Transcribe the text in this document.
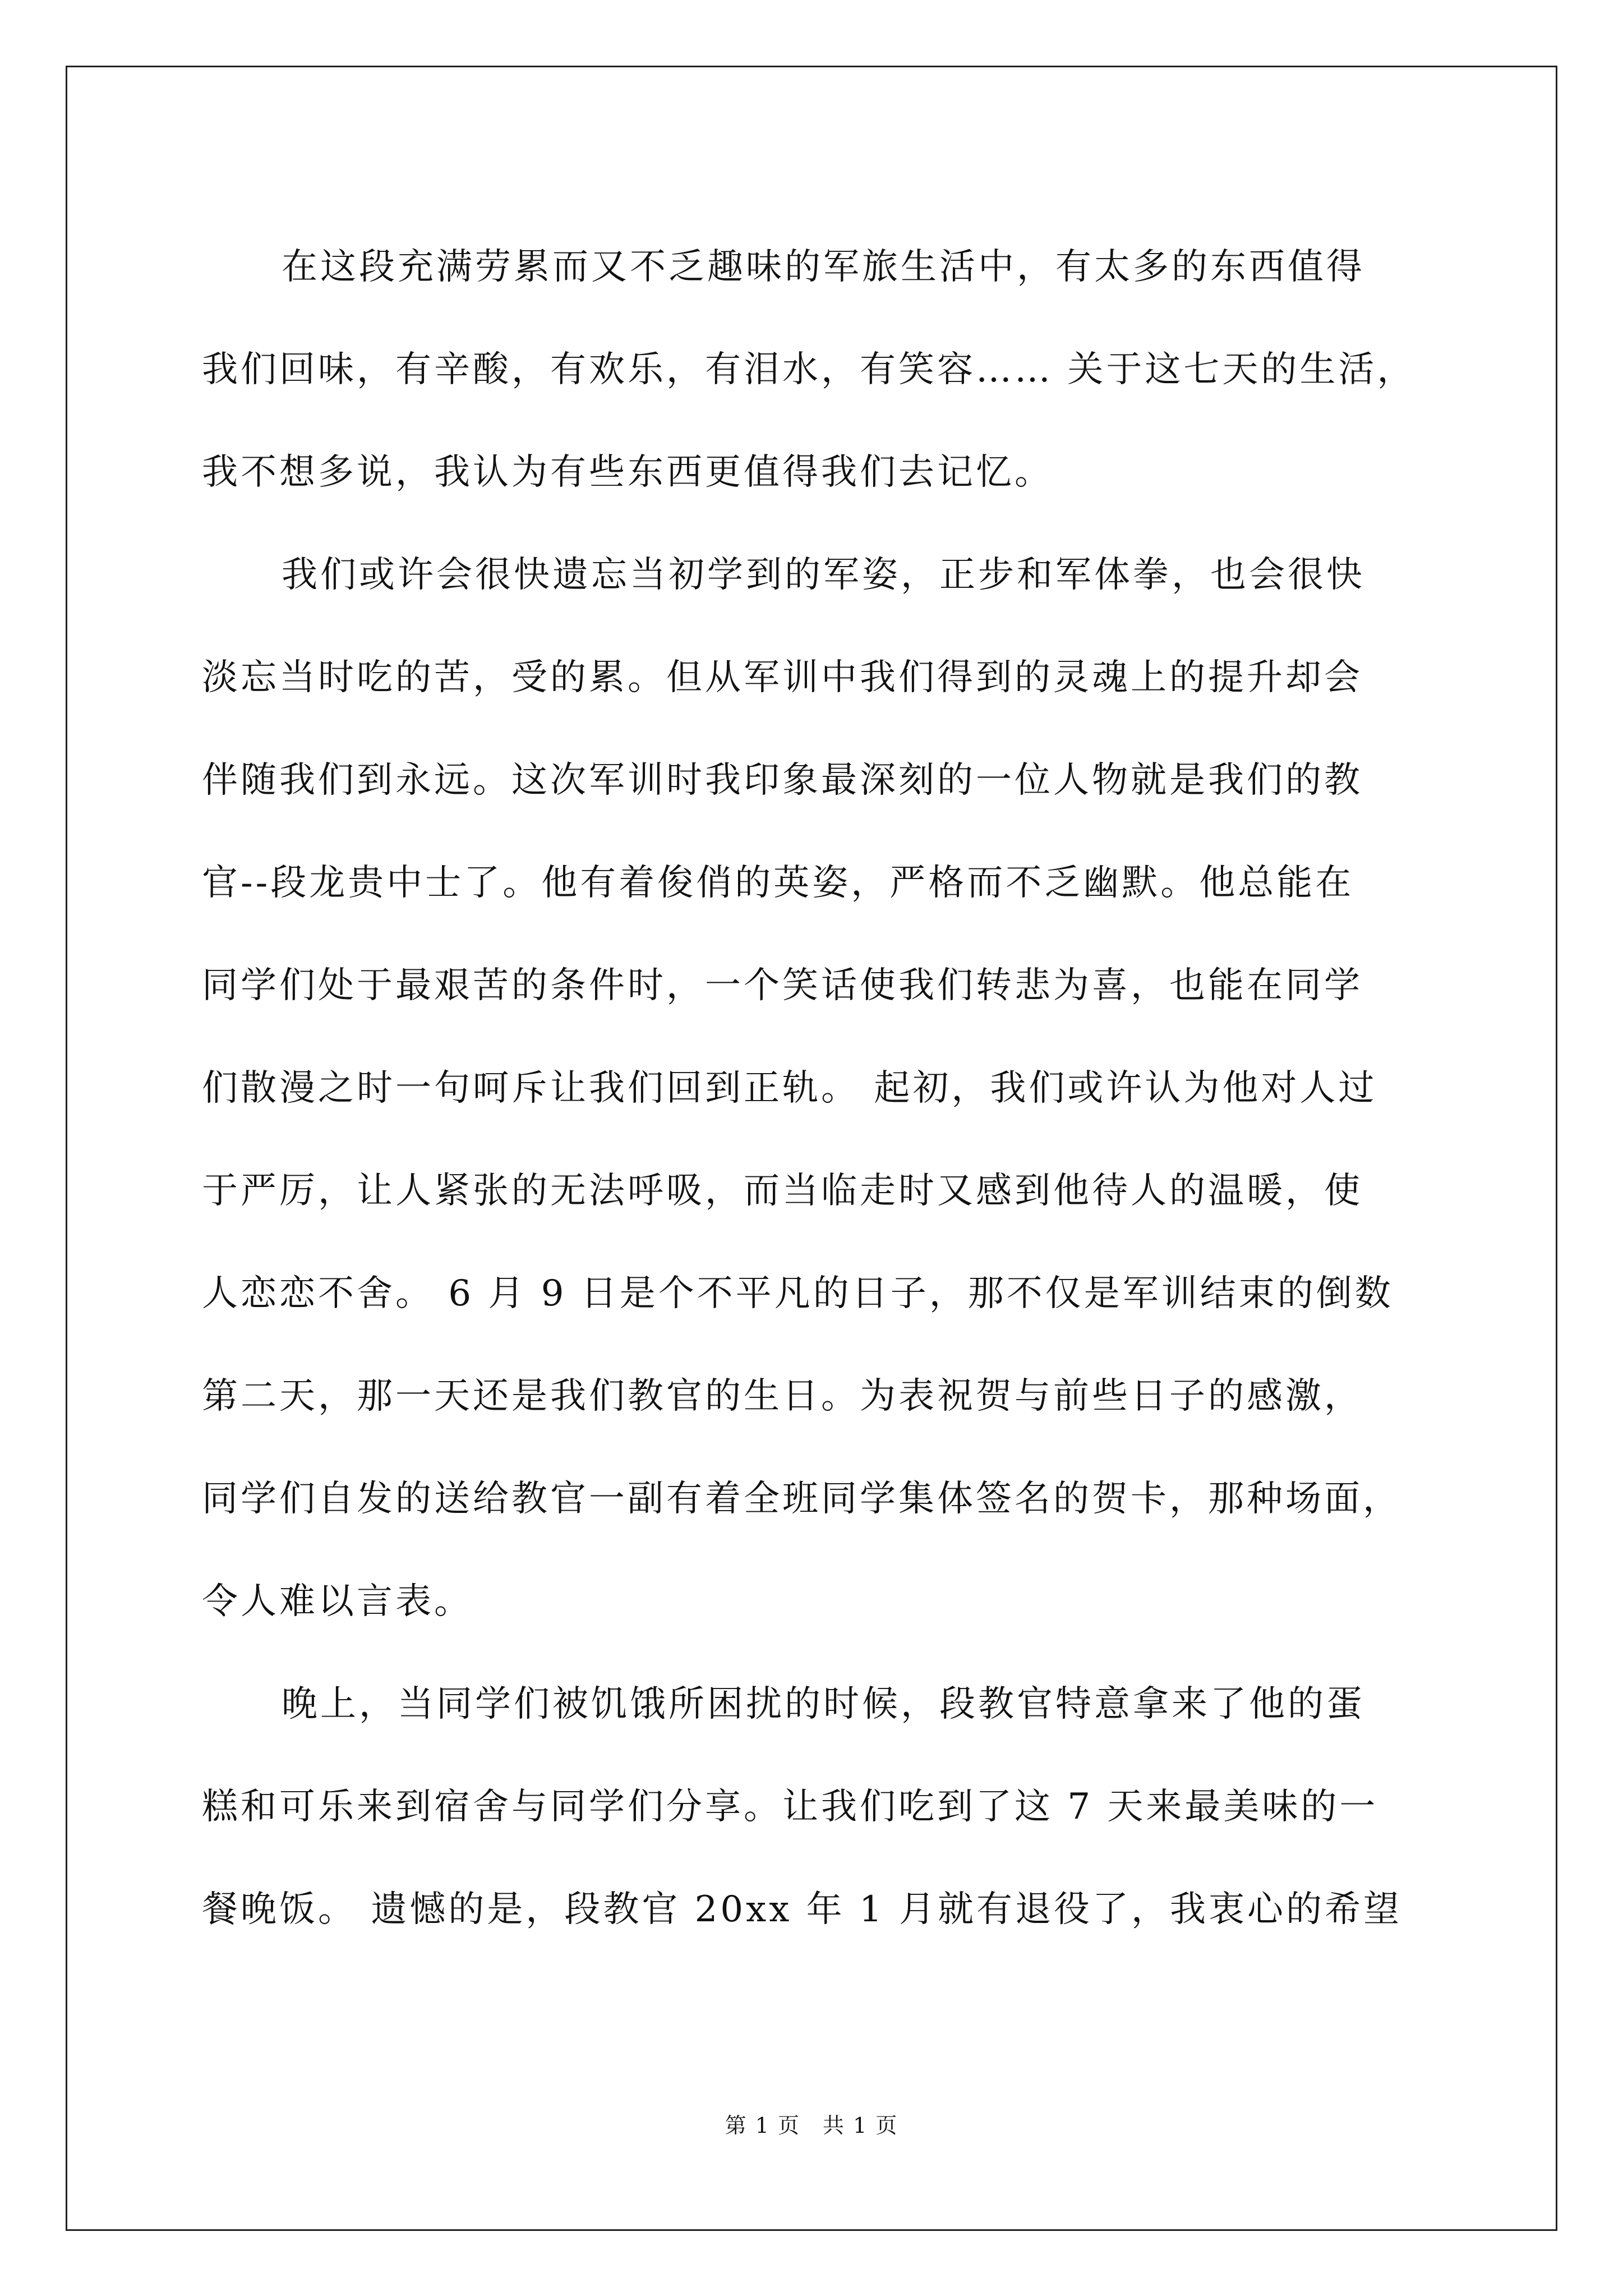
在这段充满劳累而又不乏趣味的军旅生活中，有太多的东西值得
我们回味，有辛酸，有欢乐，有泪水，有笑容…… 关于这七天的生活，
我不想多说，我认为有些东西更值得我们去记忆。
我们或许会很快遗忘当初学到的军姿，正步和军体拳，也会很快
淡忘当时吃的苦，受的累。但从军训中我们得到的灵魂上的提升却会
伴随我们到永远。这次军训时我印象最深刻的一位人物就是我们的教
官--段龙贵中士了。他有着俊俏的英姿，严格而不乏幽默。他总能在
同学们处于最艰苦的条件时，一个笑话使我们转悲为喜，也能在同学
们散漫之时一句呵斥让我们回到正轨。 起初，我们或许认为他对人过
于严厉，让人紧张的无法呼吸，而当临走时又感到他待人的温暖，使
人恋恋不舍。 6 月 9 日是个不平凡的日子，那不仅是军训结束的倒数
第二天，那一天还是我们教官的生日。为表祝贺与前些日子的感激，
同学们自发的送给教官一副有着全班同学集体签名的贺卡，那种场面，
令人难以言表。
晚上，当同学们被饥饿所困扰的时候，段教官特意拿来了他的蛋
糕和可乐来到宿舍与同学们分享。让我们吃到了这 7 天来最美味的一
餐晚饭。 遗憾的是，段教官 20xx 年 1 月就有退役了，我衷心的希望
第 1 页　共 1 页
